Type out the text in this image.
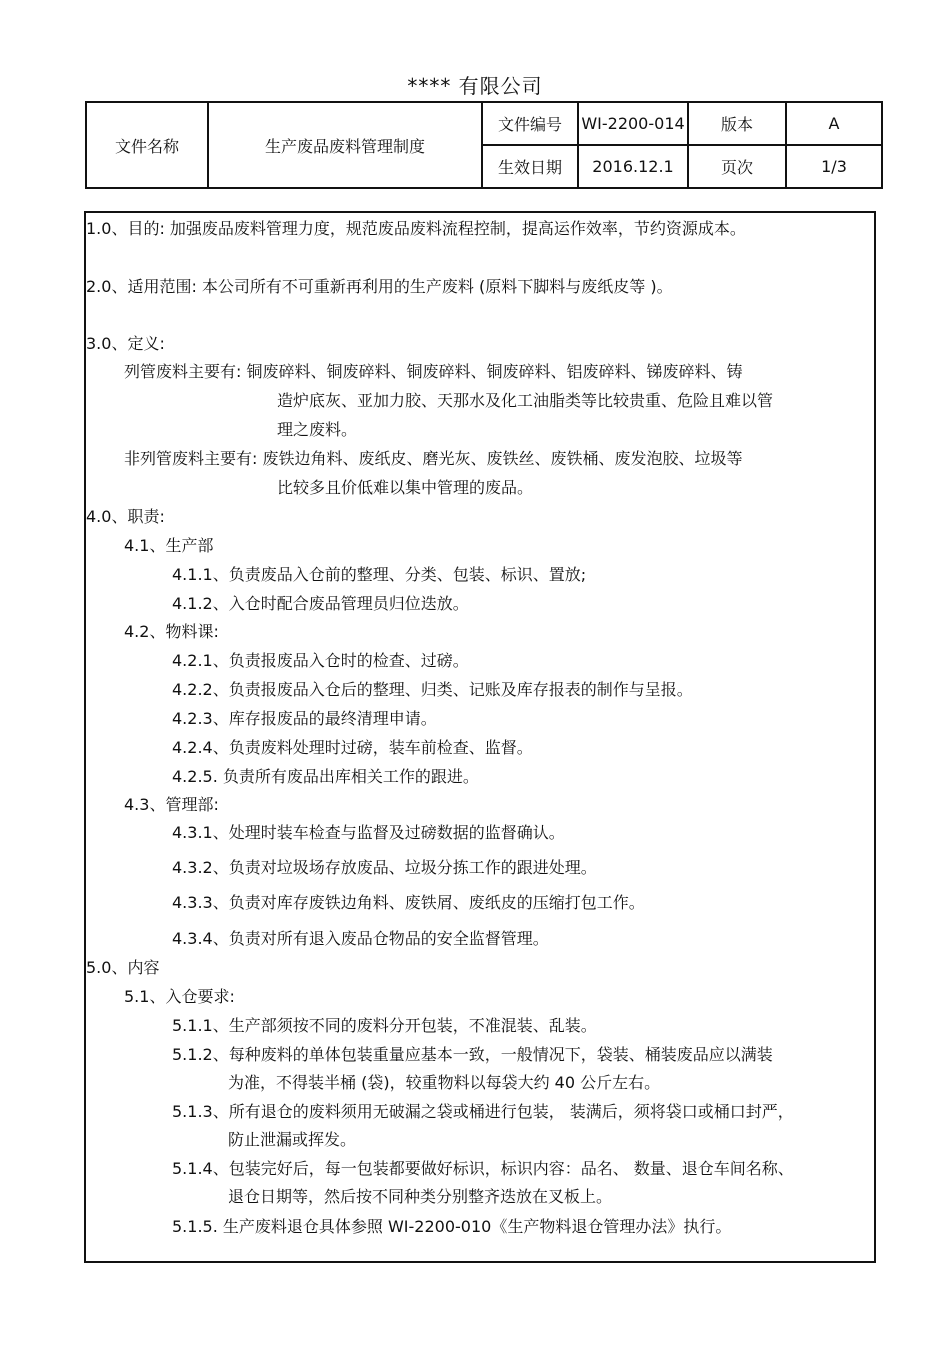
**** 有限公司
文件名称	生产废品废料管理制度	文件编号	WI-2200-014	版本	A
		生效日期	2016.12.1	页次	1/3
1.0、目的: 加强废品废料管理力度，规范废品废料流程控制，提高运作效率，节约资源成本。
2.0、适用范围: 本公司所有不可重新再利用的生产废料 (原料下脚料与废纸皮等 )。
3.0、定义:
列管废料主要有: 铜废碎料、铜废碎料、铜废碎料、铜废碎料、铝废碎料、锑废碎料、铸
造炉底灰、亚加力胶、天那水及化工油脂类等比较贵重、危险且难以管
理之废料。
非列管废料主要有: 废铁边角料、废纸皮、磨光灰、废铁丝、废铁桶、废发泡胶、垃圾等
比较多且价低难以集中管理的废品。
4.0、职责:
4.1、生产部
4.1.1、负责废品入仓前的整理、分类、包装、标识、置放;
4.1.2、入仓时配合废品管理员归位迭放。
4.2、物料课:
4.2.1、负责报废品入仓时的检查、过磅。
4.2.2、负责报废品入仓后的整理、归类、记账及库存报表的制作与呈报。
4.2.3、库存报废品的最终清理申请。
4.2.4、负责废料处理时过磅，装车前检查、监督。
4.2.5. 负责所有废品出库相关工作的跟进。
4.3、管理部:
4.3.1、处理时装车检查与监督及过磅数据的监督确认。
4.3.2、负责对垃圾场存放废品、垃圾分拣工作的跟进处理。
4.3.3、负责对库存废铁边角料、废铁屑、废纸皮的压缩打包工作。
4.3.4、负责对所有退入废品仓物品的安全监督管理。
5.0、内容
5.1、入仓要求:
5.1.1、生产部须按不同的废料分开包装，不准混装、乱装。
5.1.2、每种废料的单体包装重量应基本一致，一般情况下，袋装、桶装废品应以满装
为准，不得装半桶 (袋)，较重物料以每袋大约 40 公斤左右。
5.1.3、所有退仓的废料须用无破漏之袋或桶进行包装， 装满后，须将袋口或桶口封严，
防止泄漏或挥发。
5.1.4、包装完好后，每一包装都要做好标识，标识内容：品名、 数量、退仓车间名称、
退仓日期等，然后按不同种类分别整齐迭放在叉板上。
5.1.5. 生产废料退仓具体参照 WI-2200-010《生产物料退仓管理办法》执行。
